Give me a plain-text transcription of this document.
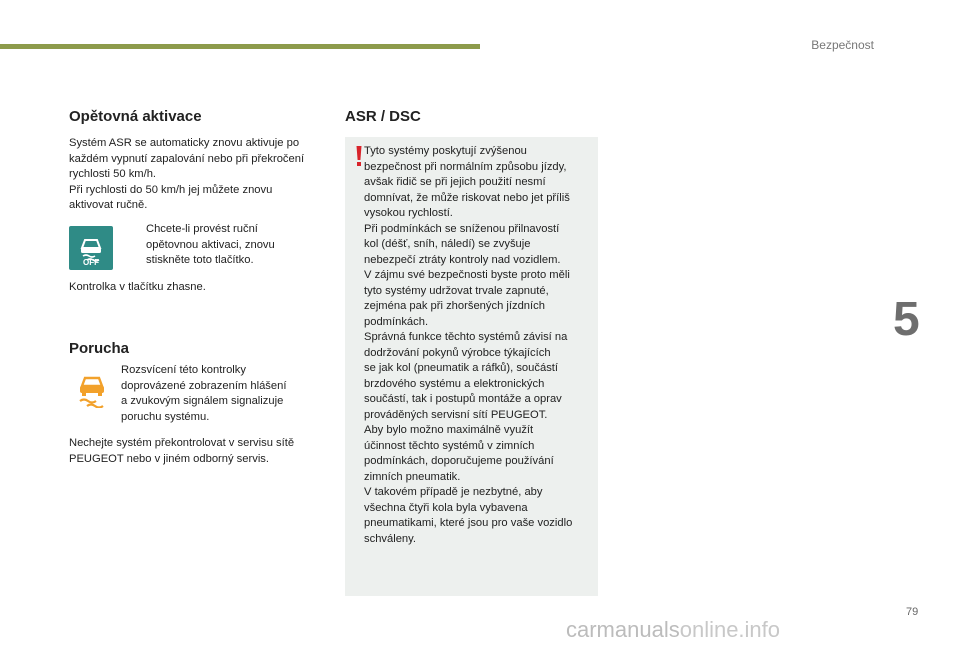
Bezpečnost
5
Opětovná aktivace

Systém ASR se automaticky znovu aktivuje po
každém vypnutí zapalování nebo při překročení
rychlosti 50 km/h.
Při rychlosti do 50 km/h jej můžete znovu
aktivovat ručně.

OFF

Chcete-li provést ruční
opětovnou aktivaci, znovu
stiskněte toto tlačítko.

Kontrolka v tlačítku zhasne.

Porucha

Rozsvícení této kontrolky
doprovázené zobrazením hlášení
a zvukovým signálem signalizuje
poruchu systému.

Nechejte systém překontrolovat v servisu sítě
PEUGEOT nebo v jiném odborný servis.

ASR / DSC

Tyto systémy poskytují zvýšenou
bezpečnost při normálním způsobu jízdy,
avšak řidič se při jejich použití nesmí
domnívat, že může riskovat nebo jet příliš
vysokou rychlostí.
Při podmínkách se sníženou přilnavostí
kol (déšť, sníh, náledí) se zvyšuje
nebezpečí ztráty kontroly nad vozidlem.
V zájmu své bezpečnosti byste proto měli
tyto systémy udržovat trvale zapnuté,
zejména pak při zhoršených jízdních
podmínkách.
Správná funkce těchto systémů závisí na
dodržování pokynů výrobce týkajících
se jak kol (pneumatik a ráfků), součástí
brzdového systému a elektronických
součástí, tak i postupů montáže a oprav
prováděných servisní sítí PEUGEOT.
Aby bylo možno maximálně využít
účinnost těchto systémů v zimních
podmínkách, doporučujeme používání
zimních pneumatik.
V takovém případě je nezbytné, aby
všechna čtyři kola byla vybavena
pneumatikami, které jsou pro vaše vozidlo
schváleny.

79
carmanualsonline.info
